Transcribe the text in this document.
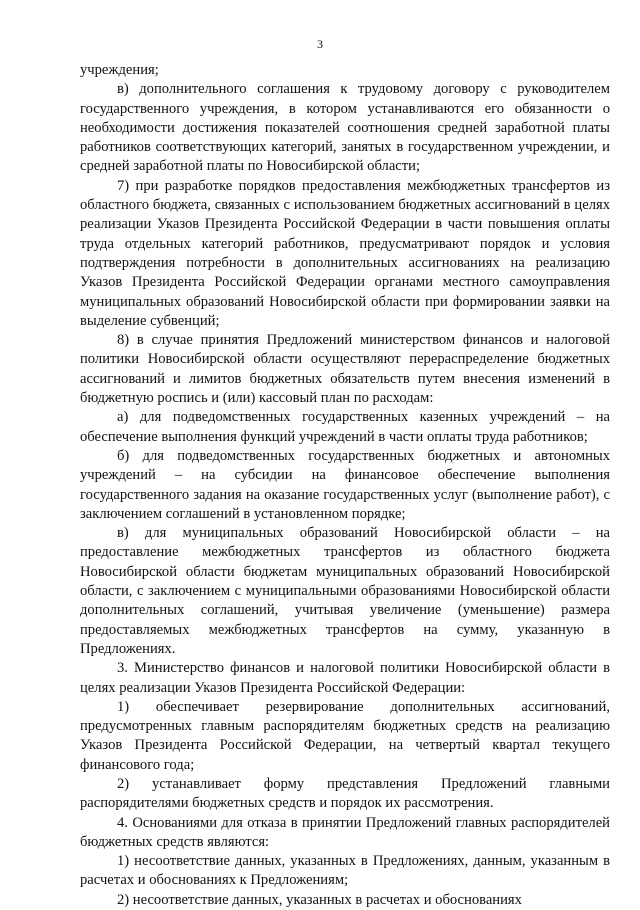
3

учреждения;

в) дополнительного соглашения к трудовому договору с руководителем государственного учреждения, в котором устанавливаются его обязанности о необходимости достижения показателей соотношения средней заработной платы работников соответствующих категорий, занятых в государственном учреждении, и средней заработной платы по Новосибирской области;

7) при разработке порядков предоставления межбюджетных трансфертов из областного бюджета, связанных с использованием бюджетных ассигнований в целях реализации Указов Президента Российской Федерации в части повышения оплаты труда отдельных категорий работников, предусматривают порядок и условия подтверждения потребности в дополнительных ассигнованиях на реализацию Указов Президента Российской Федерации органами местного самоуправления муниципальных образований Новосибирской области при формировании заявки на выделение субвенций;

8) в случае принятия Предложений министерством финансов и налоговой политики Новосибирской области осуществляют перераспределение бюджетных ассигнований и лимитов бюджетных обязательств путем внесения изменений в бюджетную роспись и (или) кассовый план по расходам:

а) для подведомственных государственных казенных учреждений – на обеспечение выполнения функций учреждений в части оплаты труда работников;

б) для подведомственных государственных бюджетных и автономных учреждений – на субсидии на финансовое обеспечение выполнения государственного задания на оказание государственных услуг (выполнение работ), с заключением соглашений в установленном порядке;

в) для муниципальных образований Новосибирской области – на предоставление межбюджетных трансфертов из областного бюджета Новосибирской области бюджетам муниципальных образований Новосибирской области, с заключением с муниципальными образованиями Новосибирской области дополнительных соглашений, учитывая увеличение (уменьшение) размера предоставляемых межбюджетных трансфертов на сумму, указанную в Предложениях.

3. Министерство финансов и налоговой политики Новосибирской области в целях реализации Указов Президента Российской Федерации:

1) обеспечивает резервирование дополнительных ассигнований, предусмотренных главным распорядителям бюджетных средств на реализацию Указов Президента Российской Федерации, на четвертый квартал текущего финансового года;

2) устанавливает форму представления Предложений главными распорядителями бюджетных средств и порядок их рассмотрения.

4. Основаниями для отказа в принятии Предложений главных распорядителей бюджетных средств являются:

1) несоответствие данных, указанных в Предложениях, данным, указанным в расчетах и обоснованиях к Предложениям;

2) несоответствие данных, указанных в расчетах и обоснованиях
